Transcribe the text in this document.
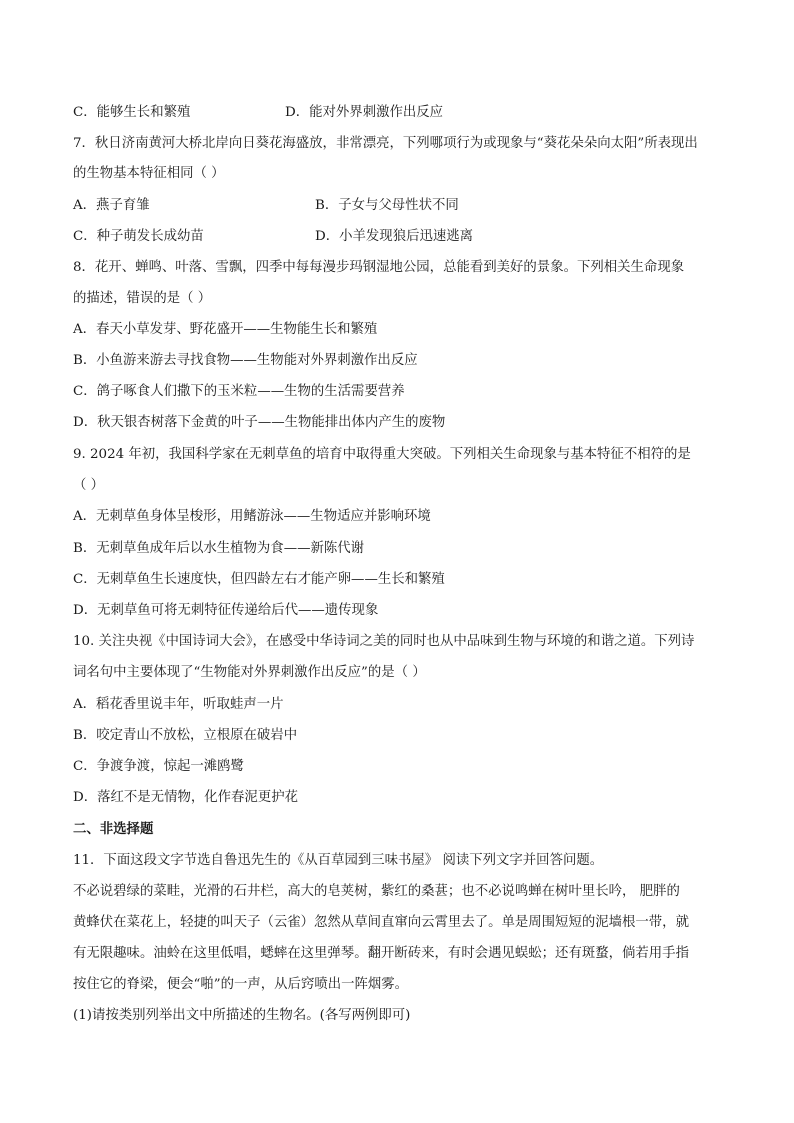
C．能够生长和繁殖	D．能对外界刺激作出反应
7．秋日济南黄河大桥北岸向日葵花海盛放，非常漂亮，下列哪项行为或现象与“葵花朵朵向太阳”所表现出
的生物基本特征相同（ ）
A．燕子育雏	B．子女与父母性状不同
C．种子萌发长成幼苗	D．小羊发现狼后迅速逃离
8．花开、蝉鸣、叶落、雪飘，四季中每每漫步玛钢湿地公园，总能看到美好的景象。下列相关生命现象
的描述，错误的是（ ）
A．春天小草发芽、野花盛开——生物能生长和繁殖
B．小鱼游来游去寻找食物——生物能对外界刺激作出反应
C．鸽子啄食人们撒下的玉米粒——生物的生活需要营养
D．秋天银杏树落下金黄的叶子——生物能排出体内产生的废物
9. 2024 年初，我国科学家在无刺草鱼的培育中取得重大突破。下列相关生命现象与基本特征不相符的是
（ ）
A．无刺草鱼身体呈梭形，用鳍游泳——生物适应并影响环境
B．无刺草鱼成年后以水生植物为食——新陈代谢
C．无刺草鱼生长速度快，但四龄左右才能产卵——生长和繁殖
D．无刺草鱼可将无刺特征传递给后代——遗传现象
10. 关注央视《中国诗词大会》，在感受中华诗词之美的同时也从中品味到生物与环境的和谐之道。下列诗
词名句中主要体现了“生物能对外界刺激作出反应”的是（ ）
A．稻花香里说丰年，听取蛙声一片
B．咬定青山不放松，立根原在破岩中
C．争渡争渡，惊起一滩鸥鹭
D．落红不是无情物，化作春泥更护花
二、非选择题
11．下面这段文字节选自鲁迅先生的《从百草园到三味书屋》 阅读下列文字并回答问题。
不必说碧绿的菜畦，光滑的石井栏，高大的皂荚树，紫红的桑葚；也不必说鸣蝉在树叶里长吟， 肥胖的
黄蜂伏在菜花上，轻捷的叫天子（云雀）忽然从草间直窜向云霄里去了。单是周围短短的泥墙根一带，就
有无限趣味。油蛉在这里低唱，蟋蟀在这里弹琴。翻开断砖来，有时会遇见蜈蚣；还有斑蝥，倘若用手指
按住它的脊梁，便会“啪”的一声，从后窍喷出一阵烟雾。
(1)请按类别列举出文中所描述的生物名。(各写两例即可)
